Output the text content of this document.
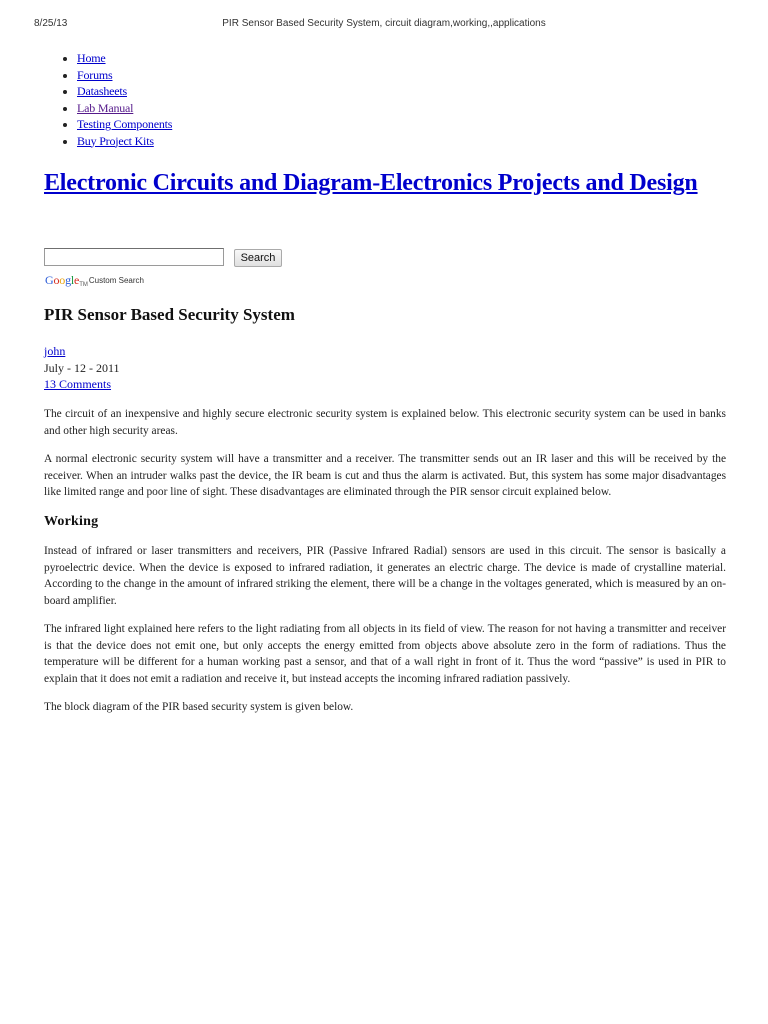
8/25/13	PIR Sensor Based Security System, circuit diagram,working,,applications
• Home
• Forums
• Datasheets
• Lab Manual
• Testing Components
• Buy Project Kits
Electronic Circuits and Diagram-Electronics Projects and Design
Search
Google TM Custom Search
PIR Sensor Based Security System
john
July - 12 - 2011
13 Comments

The circuit of an inexpensive and highly secure electronic security system is explained below. This electronic security system can be used in banks and other high security areas.

A normal electronic security system will have a transmitter and a receiver. The transmitter sends out an IR laser and this will be received by the receiver. When an intruder walks past the device, the IR beam is cut and thus the alarm is activated. But, this system has some major disadvantages like limited range and poor line of sight. These disadvantages are eliminated through the PIR sensor circuit explained below.

Working

Instead of infrared or laser transmitters and receivers, PIR (Passive Infrared Radial) sensors are used in this circuit. The sensor is basically a pyroelectric device. When the device is exposed to infrared radiation, it generates an electric charge. The device is made of crystalline material. According to the change in the amount of infrared striking the element, there will be a change in the voltages generated, which is measured by an on-board amplifier.

The infrared light explained here refers to the light radiating from all objects in its field of view. The reason for not having a transmitter and receiver is that the device does not emit one, but only accepts the energy emitted from objects above absolute zero in the form of radiations. Thus the temperature will be different for a human working past a sensor, and that of a wall right in front of it. Thus the word “passive” is used in PIR to explain that it does not emit a radiation and receive it, but instead accepts the incoming infrared radiation passively.

The block diagram of the PIR based security system is given below.
